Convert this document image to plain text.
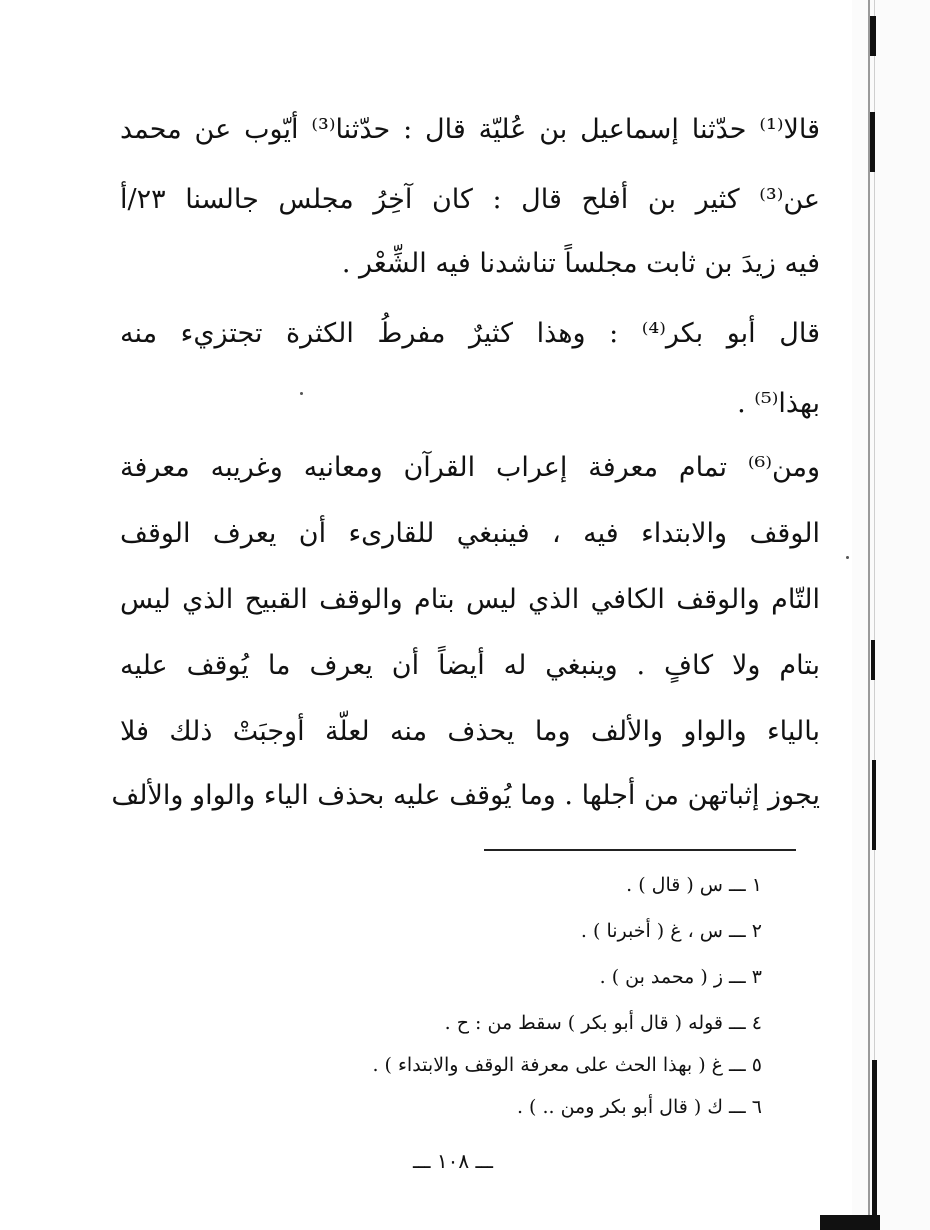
قالا⁽¹⁾ حدّثنا إسماعيل بن عُليّة قال : حدّثنا⁽³⁾ أيّوب عن محمد
عن⁽³⁾ كثير بن أفلح قال : كان آخِرُ مجلس جالسنا ٢٣/أ
فيه زيدَ بن ثابت مجلساً تناشدنا فيه الشِّعْر .
قال أبو بكر⁽⁴⁾ : وهذا كثيرٌ مفرطُ الكثرة تجتزيء منه
بهذا⁽⁵⁾ .
ومن⁽⁶⁾ تمام معرفة إعراب القرآن ومعانيه وغريبه معرفة
الوقف والابتداء فيه ، فينبغي للقارىء أن يعرف الوقف
التّام والوقف الكافي الذي ليس بتام والوقف القبيح الذي ليس
بتام ولا كافٍ . وينبغي له أيضاً أن يعرف ما يُوقف عليه
بالياء والواو والألف وما يحذف منه لعلّة أوجبَتْ ذلك فلا
يجوز إثباتهن من أجلها . وما يُوقف عليه بحذف الياء والواو والألف
١ ـــ س ( قال ) .
٢ ـــ س ، غ ( أخبرنا ) .
٣ ـــ ز ( محمد بن ) .
٤ ـــ قوله ( قال أبو بكر ) سقط من : ح .
٥ ـــ غ ( بهذا الحث على معرفة الوقف والابتداء ) .
٦ ـــ ك ( قال أبو بكر ومن .. ) .
ـــ ١٠٨ ـــ
